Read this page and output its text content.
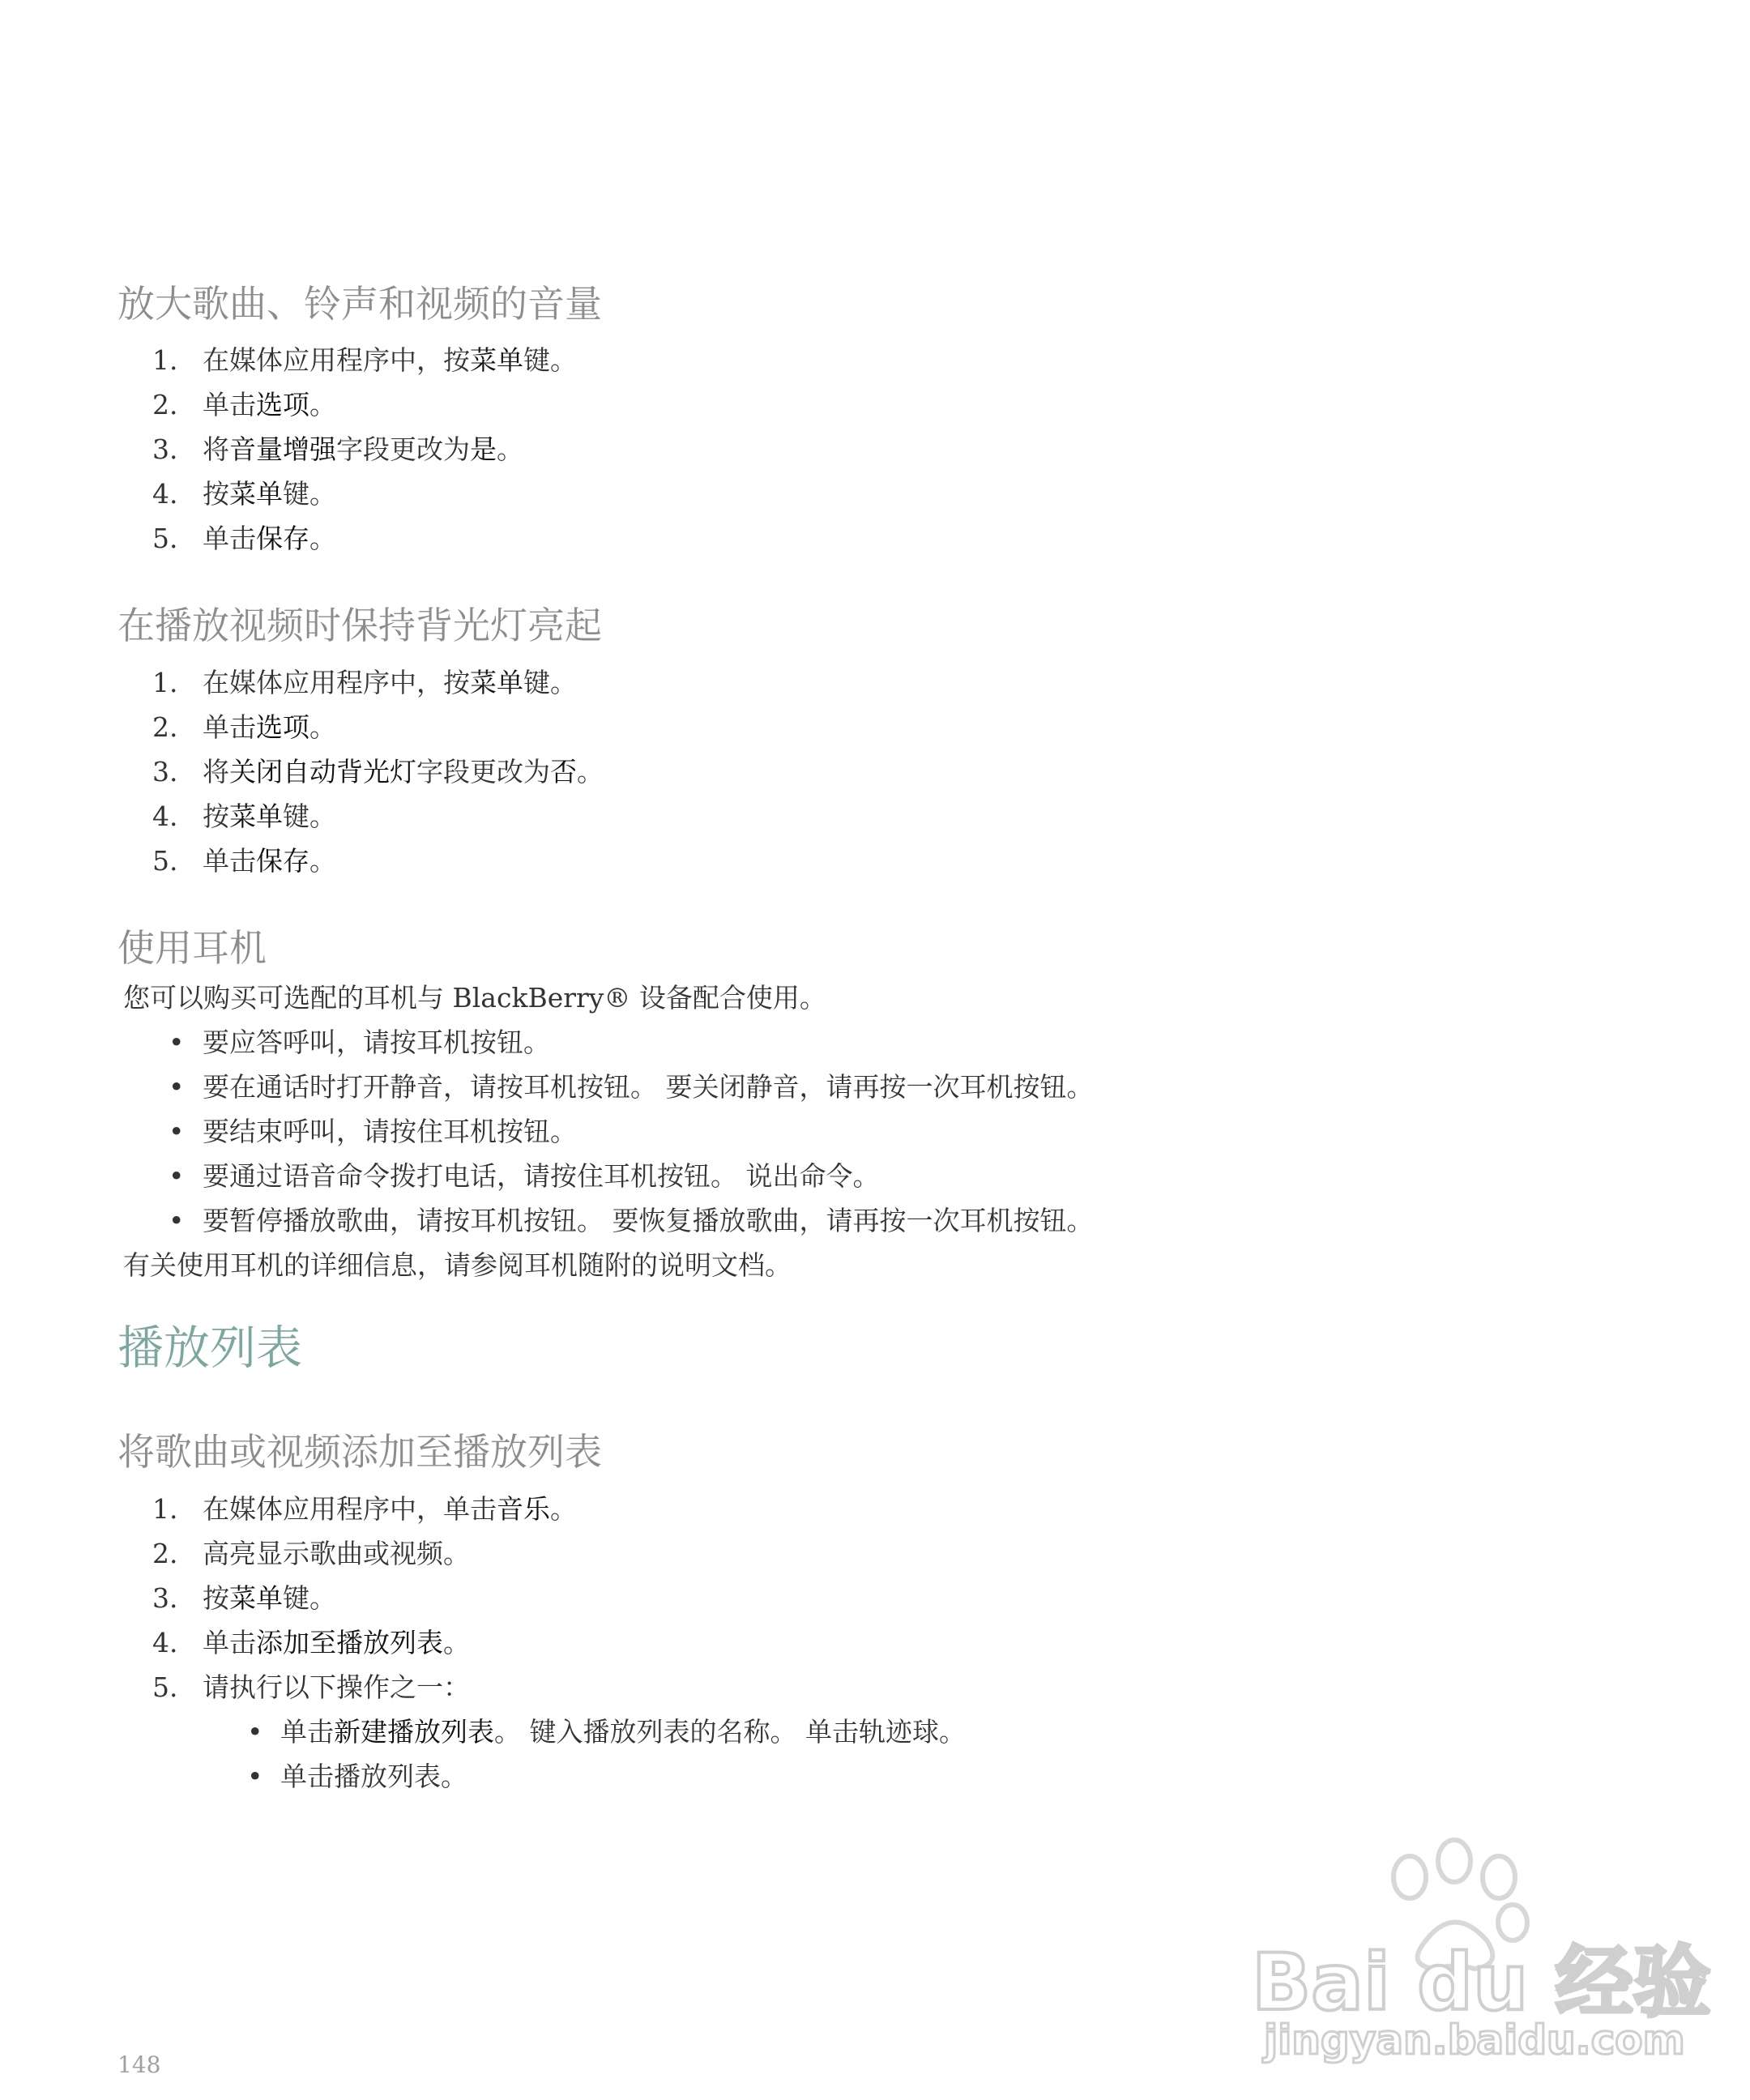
放大歌曲、铃声和视频的音量
1. 在媒体应用程序中，按菜单键。
2. 单击选项。
3. 将音量增强字段更改为是。
4. 按菜单键。
5. 单击保存。
在播放视频时保持背光灯亮起
1. 在媒体应用程序中，按菜单键。
2. 单击选项。
3. 将关闭自动背光灯字段更改为否。
4. 按菜单键。
5. 单击保存。
使用耳机
您可以购买可选配的耳机与 BlackBerry® 设备配合使用。
• 要应答呼叫，请按耳机按钮。
• 要在通话时打开静音，请按耳机按钮。 要关闭静音，请再按一次耳机按钮。
• 要结束呼叫，请按住耳机按钮。
• 要通过语音命令拨打电话，请按住耳机按钮。 说出命令。
• 要暂停播放歌曲，请按耳机按钮。 要恢复播放歌曲，请再按一次耳机按钮。
有关使用耳机的详细信息，请参阅耳机随附的说明文档。
播放列表
将歌曲或视频添加至播放列表
1. 在媒体应用程序中，单击音乐。
2. 高亮显示歌曲或视频。
3. 按菜单键。
4. 单击添加至播放列表。
5. 请执行以下操作之一：
• 单击新建播放列表。 键入播放列表的名称。 单击轨迹球。
• 单击播放列表。
Bai du 经验
jingyan.baidu.com
148
